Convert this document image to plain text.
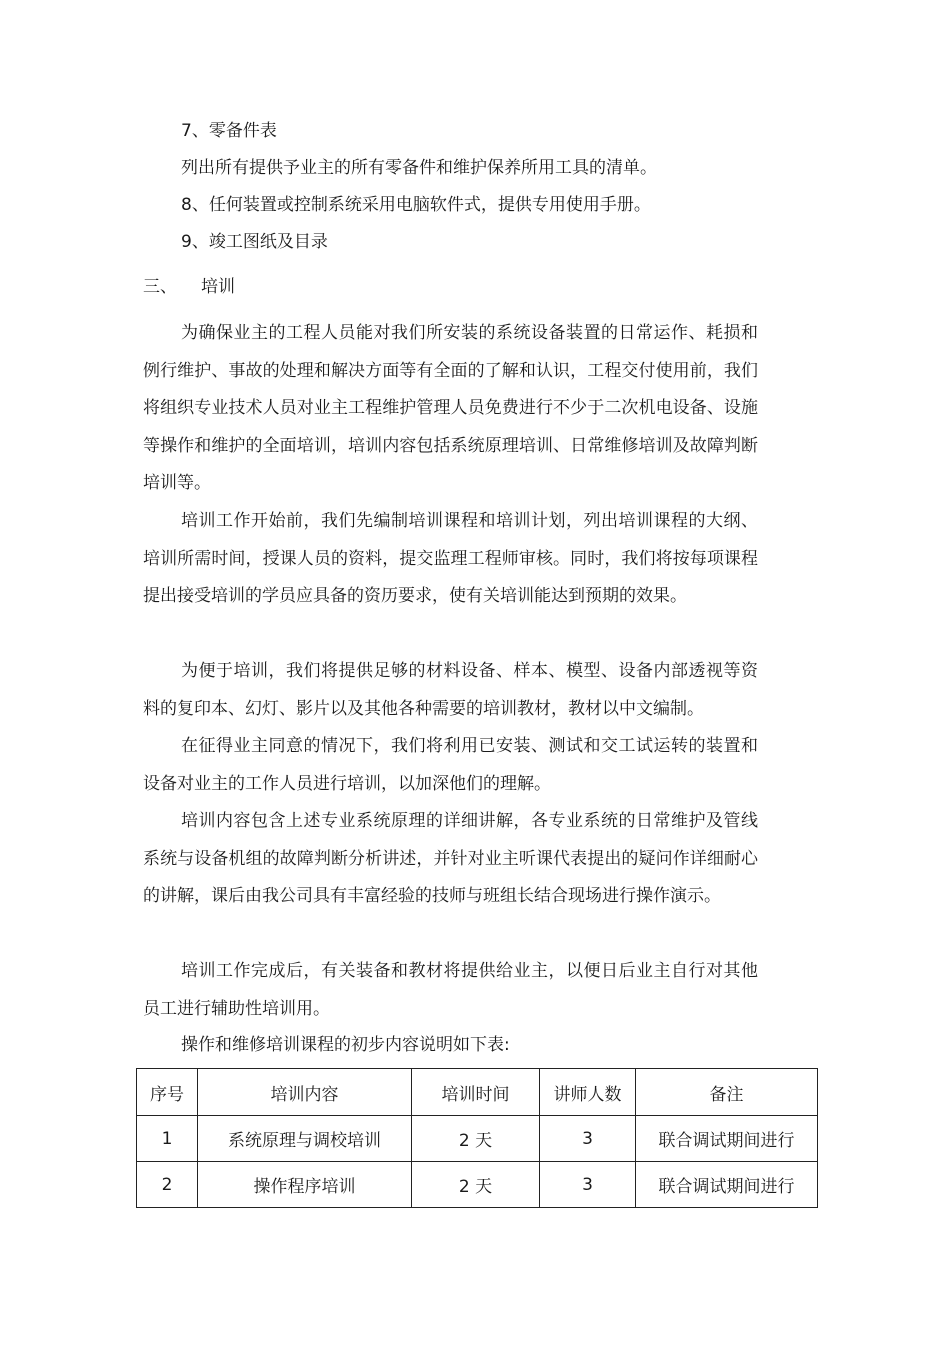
7、零备件表
列出所有提供予业主的所有零备件和维护保养所用工具的清单。
8、任何装置或控制系统采用电脑软件式，提供专用使用手册。
9、竣工图纸及目录
三、 培训

为确保业主的工程人员能对我们所安装的系统设备装置的日常运作、耗损和例行维护、事故的处理和解决方面等有全面的了解和认识，工程交付使用前，我们将组织专业技术人员对业主工程维护管理人员免费进行不少于二次机电设备、设施等操作和维护的全面培训，培训内容包括系统原理培训、日常维修培训及故障判断培训等。

培训工作开始前，我们先编制培训课程和培训计划，列出培训课程的大纲、培训所需时间，授课人员的资料，提交监理工程师审核。同时，我们将按每项课程提出接受培训的学员应具备的资历要求，使有关培训能达到预期的效果。

为便于培训，我们将提供足够的材料设备、样本、模型、设备内部透视等资料的复印本、幻灯、影片以及其他各种需要的培训教材，教材以中文编制。

在征得业主同意的情况下，我们将利用已安装、测试和交工试运转的装置和设备对业主的工作人员进行培训，以加深他们的理解。

培训内容包含上述专业系统原理的详细讲解，各专业系统的日常维护及管线系统与设备机组的故障判断分析讲述，并针对业主听课代表提出的疑问作详细耐心的讲解，课后由我公司具有丰富经验的技师与班组长结合现场进行操作演示。

培训工作完成后，有关装备和教材将提供给业主，以便日后业主自行对其他员工进行辅助性培训用。

操作和维修培训课程的初步内容说明如下表:
序号	培训内容	培训时间	讲师人数	备注
1	系统原理与调校培训	2 天	3	联合调试期间进行
2	操作程序培训	2 天	3	联合调试期间进行
